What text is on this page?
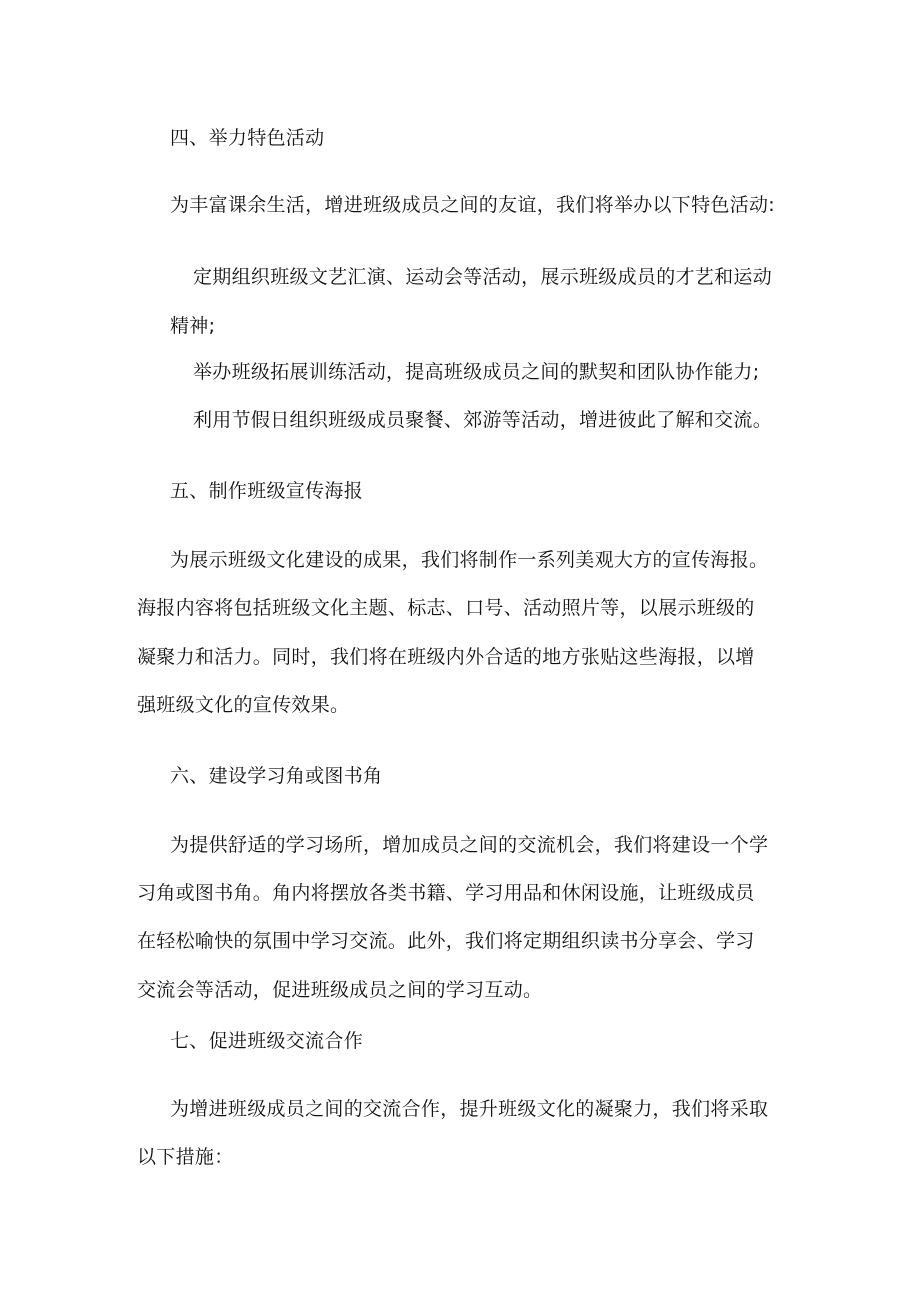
四、举力特色活动
为丰富课余生活，增进班级成员之间的友谊，我们将举办以下特色活动:
定期组织班级文艺汇演、运动会等活动，展示班级成员的才艺和运动
精神;
举办班级拓展训练活动，提高班级成员之间的默契和团队协作能力;
利用节假日组织班级成员聚餐、郊游等活动，增进彼此了解和交流。
五、制作班级宣传海报
为展示班级文化建设的成果，我们将制作一系列美观大方的宣传海报。
海报内容将包括班级文化主题、标志、口号、活动照片等，以展示班级的
凝聚力和活力。同时，我们将在班级内外合适的地方张贴这些海报，以增
强班级文化的宣传效果。
六、建设学习角或图书角
为提供舒适的学习场所，增加成员之间的交流机会，我们将建设一个学
习角或图书角。角内将摆放各类书籍、学习用品和休闲设施，让班级成员
在轻松喻快的氛围中学习交流。此外，我们将定期组织读书分享会、学习
交流会等活动，促进班级成员之间的学习互动。
七、促进班级交流合作
为增进班级成员之间的交流合作，提升班级文化的凝聚力，我们将采取
以下措施：
